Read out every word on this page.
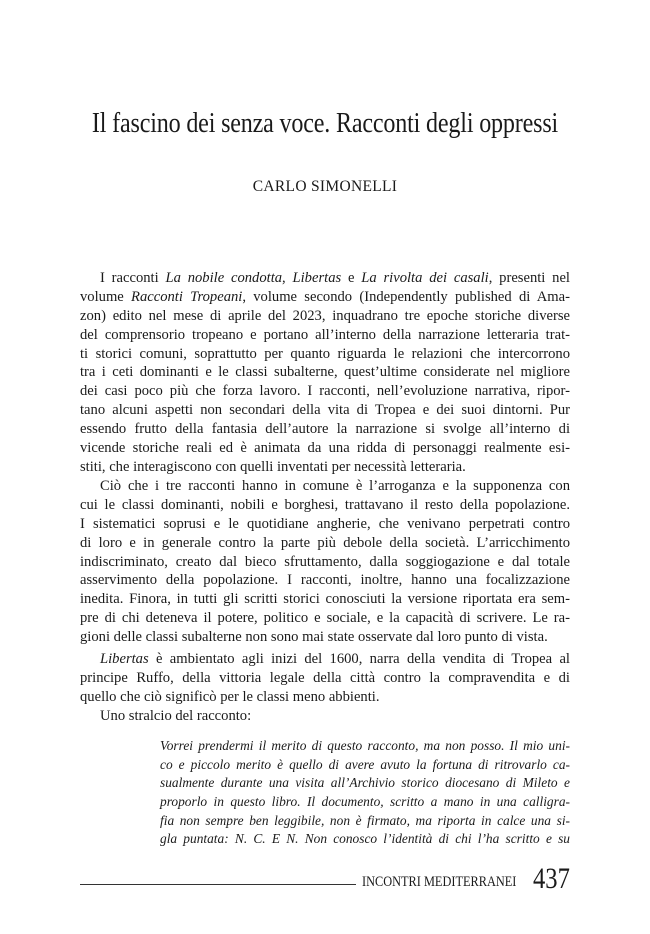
Il fascino dei senza voce. Racconti degli oppressi
CARLO SIMONELLI
I racconti La nobile condotta, Libertas e La rivolta dei casali, presenti nel
volume Racconti Tropeani, volume secondo (Independently published di Ama-
zon) edito nel mese di aprile del 2023, inquadrano tre epoche storiche diverse
del comprensorio tropeano e portano all’interno della narrazione letteraria trat-
ti storici comuni, soprattutto per quanto riguarda le relazioni che intercorrono
tra i ceti dominanti e le classi subalterne, quest’ultime considerate nel migliore
dei casi poco più che forza lavoro. I racconti, nell’evoluzione narrativa, ripor-
tano alcuni aspetti non secondari della vita di Tropea e dei suoi dintorni. Pur
essendo frutto della fantasia dell’autore la narrazione si svolge all’interno di
vicende storiche reali ed è animata da una ridda di personaggi realmente esi-
stiti, che interagiscono con quelli inventati per necessità letteraria.
Ciò che i tre racconti hanno in comune è l’arroganza e la supponenza con
cui le classi dominanti, nobili e borghesi, trattavano il resto della popolazione.
I sistematici soprusi e le quotidiane angherie, che venivano perpetrati contro
di loro e in generale contro la parte più debole della società. L’arricchimento
indiscriminato, creato dal bieco sfruttamento, dalla soggiogazione e dal totale
asservimento della popolazione. I racconti, inoltre, hanno una focalizzazione
inedita. Finora, in tutti gli scritti storici conosciuti la versione riportata era sem-
pre di chi deteneva il potere, politico e sociale, e la capacità di scrivere. Le ra-
gioni delle classi subalterne non sono mai state osservate dal loro punto di vista.
Libertas è ambientato agli inizi del 1600, narra della vendita di Tropea al
principe Ruffo, della vittoria legale della città contro la compravendita e di
quello che ciò significò per le classi meno abbienti.
Uno stralcio del racconto:
Vorrei prendermi il merito di questo racconto, ma non posso. Il mio uni-
co e piccolo merito è quello di avere avuto la fortuna di ritrovarlo ca-
sualmente durante una visita all’Archivio storico diocesano di Mileto e
proporlo in questo libro. Il documento, scritto a mano in una calligra-
fia non sempre ben leggibile, non è firmato, ma riporta in calce una si-
gla puntata: N. C. E N. Non conosco l’identità di chi l’ha scritto e su
INCONTRI MEDITERRANEI 437
